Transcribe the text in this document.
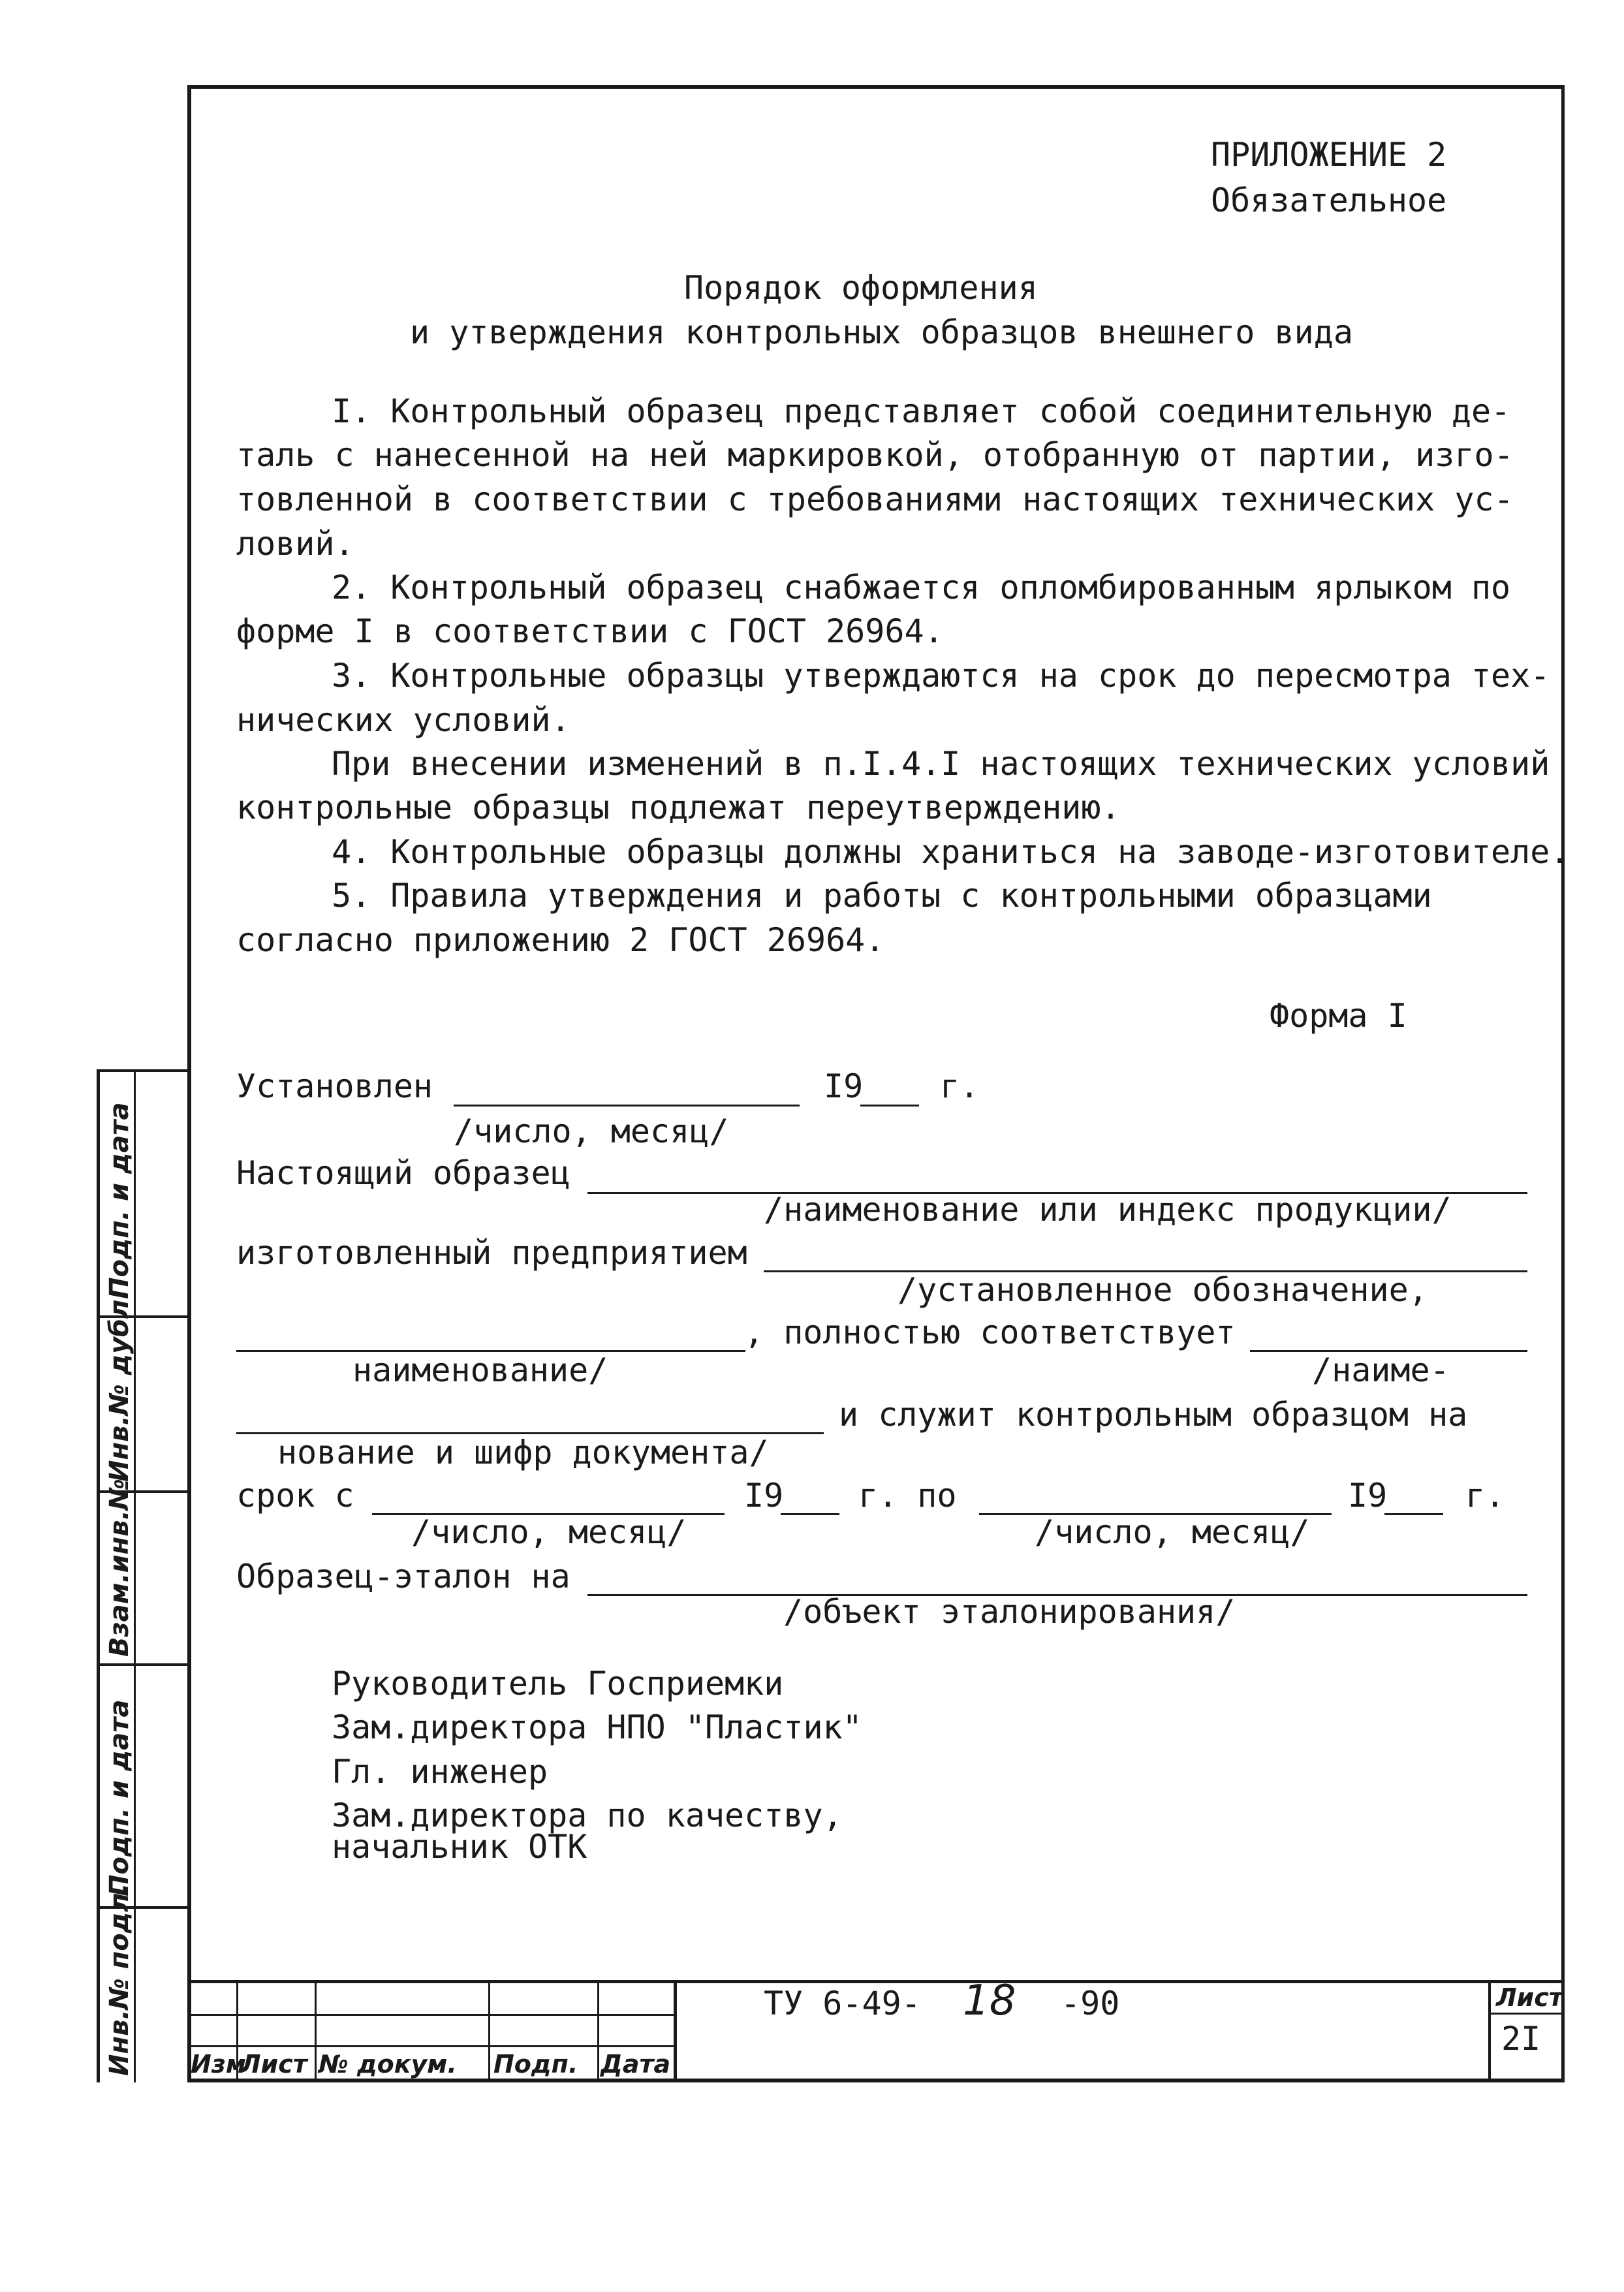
Подп. и дата
Инв.№ дубл.
Взам.инв.№
Подп. и дата
Инв.№ подл.
ПРИЛОЖЕНИЕ 2
Обязательное
Порядок оформления
и утверждения контрольных образцов внешнего вида
I. Контрольный образец представляет собой соединительную де-
таль с нанесенной на ней маркировкой, отобранную от партии, изго-
товленной в соответствии с требованиями настоящих технических ус-
ловий.
2. Контрольный образец снабжается опломбированным ярлыком по
форме I в соответствии с ГОСТ 26964.
3. Контрольные образцы утверждаются на срок до пересмотра тех-
нических условий.
При внесении изменений в п.I.4.I настоящих технических условий
контрольные образцы подлежат переутверждению.
4. Контрольные образцы должны храниться на заводе-изготовителе.
5. Правила утверждения и работы с контрольными образцами
согласно приложению 2 ГОСТ 26964.
Форма I
Установлен	I9 г.
/число, месяц/
Настоящий образец
/наименование или индекс продукции/
изготовленный предприятием
/установленное обозначение,
, полностью соответствует
наименование/	/наиме-
и служит контрольным образцом на
нование и шифр документа/
срок с	I9 г. по	I9 г.
/число, месяц/	/число, месяц/
Образец-эталон на
/объект эталонирования/
Руководитель Госприемки
Зам.директора НПО "Пластик"
Гл. инженер
Зам.директора по качеству,
начальник ОТК
Изм
Лист № докум. Подп. Дата
ТУ 6-49- 18 -90	Лист
2I
